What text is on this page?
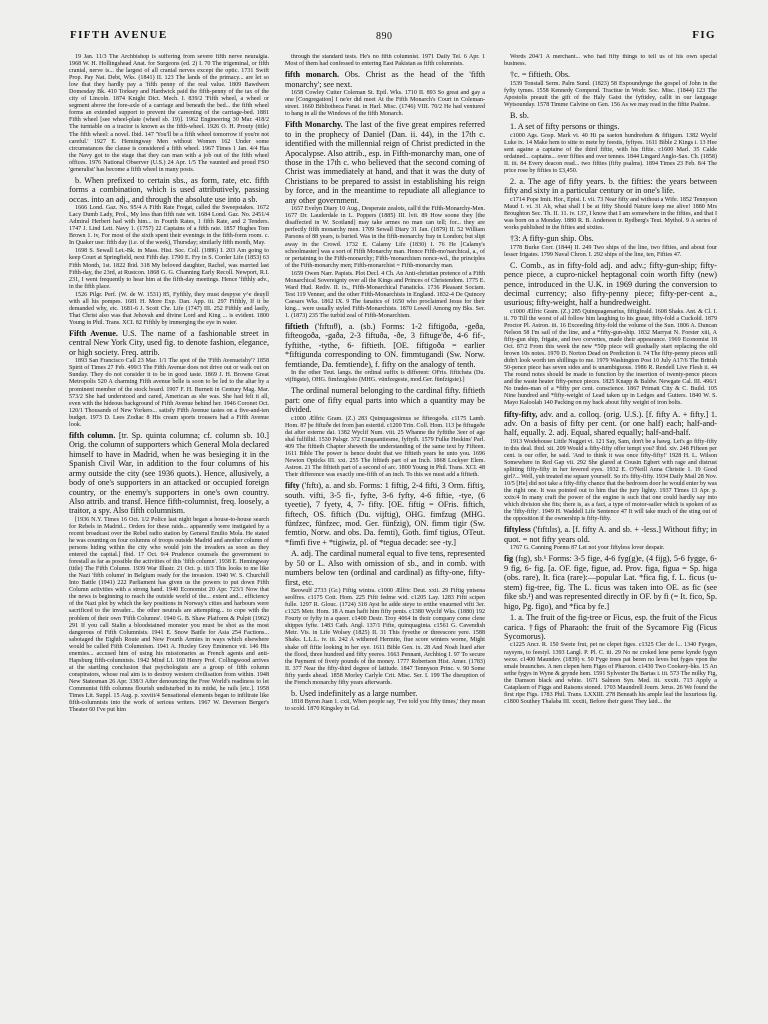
FIFTH AVENUE	890	FIG

19 Jan. 11/3 The Archbishop is suffering from severe fifth nerve neuralgia. 1968 W. H. Hollingshead Anat. for Surgeons (ed. 2) I. 70 The trigeminal, or fifth cranial, nerve is... the largest of all cranial nerves except the optic. 1731 Swift Prop. Pay Nat. Debt, Wks. (1841) II. 123 The lands of the primacy... are let so low that they hardly pay a 'fifth penny of the real value. 1809 Bawdwen Domesday Bk. 410 Torksey and Hardwick paid the fifth-penny of the tax of the city of Lincoln. 1874 Knight Dict. Mech. I. 839/2 'Fifth wheel, a wheel or segment above the fore-axle of a carriage and beneath the bed... the fifth wheel forms an extended support to prevent the careening of the carriage-bed. 1881 Fifth wheel [see wheel-plate (wheel sb. 19)]. 1962 Engineering 30 Mar. 418/2 The turntable on a tractor is known as the fifth-wheel. 1926 O. H. Prouty (title) The fifth wheel: a novel. Ibid. 147 'You'll be a fifth wheel tomorrow if you're not careful.' 1927 E. Hemingway Men without Women 162 Under some circumstances the clause is considered a fifth wheel. 1967 Times 1 Jan. 4/4 Has the Navy got to the stage that they can man with a job out of the fifth wheel offices. 1976 National Observer (U.S.) 24 Apr. 1/5 The vaunted and proud FSO 'generalist' has become a fifth wheel in many posts.

b. When prefixed to certain sbs., as form, rate, etc. fifth forms a combination, which is used attributively, passing occas. into an adj., and through the absolute use into a sb.

1666 Lond. Gaz. No. 95/4 A Fifth Rate Fregat, called the Sweepstakes. 1672 Lacy Dumb Lady, Prol., My less than fifth rate wit. 1684 Lond. Gaz. No. 2451/4 Admiral Herbert had with him... in Fourth Rates, 1 fifth Rate, and 2 Tenders. 1747 J. Lind Lett. Navy 1. (1757) 22 Captains of a fifth rate. 1857 Hughes Tom Brown 1. iv, For most of the sixth spent their evenings in the fifth-form room. c. In Quaker use: fifth day (i.e. of the week), Thursday; similarly fifth month, May.

1698 S. Sewall Let.-Bk. in Mass. Hist. Soc. Coll. (1886) I. 203 Am going to keep Court at Springfield, next Fifth day. 1790 E. Fry in S. Corder Life (1853) 63 Fifth Month, 1st. 1822 Ibid. 318 My beloved daughter, Rachel, was married last Fifth-day, the 23rd, at Rustcon. 1868 G. G. Channing Early Recoll. Newport, R.I. 231, I went frequently to hear him at the fifth-day meetings. Hence 'fifthly adv., in the fifth place.

1526 Pilgr. Perf. (W. de W. 1531) 85, Fyfthly, they must despyse y^e deuyll with all his pompes. 1681 H. More Exp. Dan. App. iii. 297 Fifthly, If it be demanded why, etc. 1681-6 J. Scott Chr. Life (1747) III. 252 Fifthly and lastly, That Christ also was that Jehovah and divine Lord and King ... is evident. 1800 Young in Phil. Trans. XCI. 82 Fifthly by immerging the eye in water.

Fifth Avenue. U.S. The name of a fashionable street in central New York City, used fig. to denote fashion, elegance, or high society. Freq. attrib.

1893 San Francisco Call 23 Mar. 1/1 The spot of the 'Fifth Avenueishy'? 1858 Spirit of Times 27 Feb. 499/3 The Fifth Avenue does not drive out or walk out on Sunday. They do not consider it to be in good taste. 1869 J. H. Browne Great Metropolis 520 A charming Fifth avenue belle is soon to be led to the altar by a prominent member of the stock board. 1907 F. H. Burnett in Century Mag. Mar. 573/2 She had understood and cared, American as she was. She had felt it all, even with the hideous background of Fifth Avenue behind her. 1946 Coronet Oct. 120/1 Thousands of New Yorkers... satisfy Fifth Avenue tastes on a five-and-ten budget. 1973 D. Lees Zodiac 8 His cream sports trousers had a Fifth Avenue look.

fifth column. [tr. Sp. quinta columna; cf. column sb. 10.] Orig. the column of supporters which General Mola declared himself to have in Madrid, when he was besieging it in the Spanish Civil War, in addition to the four columns of his army outside the city (see 1936 quots.). Hence, allusively, a body of one's supporters in an attacked or occupied foreign country, or the enemy's supporters in one's own country. Also attrib. and transf. Hence fifth-columnist, freq. loosely, a traitor, a spy. Also fifth columnism.

[1936 N.Y. Times 16 Oct. 1/2 Police last night began a house-to-house search for Rebels in Madrid... Orders for these raids... apparently were instigated by a recent broadcast over the Rebel radio station by General Emilio Mola. He stated he was counting on four columns of troops outside Madrid and another column of persons hiding within the city who would join the invaders as soon as they entered the capital.] Ibid. 17 Oct. 9/4 Prudence counsels the government to forestall as far as possible the activities of this 'fifth column'. 1938 E. Hemingway (title) The Fifth Column. 1939 War Illustr. 21 Oct. p. iii/3 This looks to me like the Nazi 'fifth column' in Belgium ready for the invasion. 1940 W. S. Churchill Into Battle (1941) 222 Parliament has given us the powers to put down Fifth Column activities with a strong hand. 1940 Economist 20 Apr. 723/1 Now that the news is beginning to reach the outside world of the... extent and... efficiency of the Nazi plot by which the key positions in Norway's cities and harbours were sacrificed to the invader... the other neutrals are attempting... to cope with the problem of their own 'Fifth Columns'. 1940 G. B. Shaw Platform & Pulpit (1962) 291 If you call Stalin a bloodstained monster you must be shot as the most dangerous of Fifth Columnists. 1941 E. Snow Battle for Asia 254 Factions... sabotaged the Eighth Route and New Fourth Armies in ways which elsewhere would be called Fifth Columnism. 1941 A. Huxley Grey Eminence vii. 146 His enemies... accused him of using his missionaries as French agents and anti-Hapsburg fifth-columnists. 1942 Mind LI. 160 Henry Prof. Collingwood arrives at the startling conclusion that psychologists are a group of fifth column conspirators, whose real aim is to destroy western civilisation from within. 1948 New Statesman 26 Apr. 338/3 After denouncing the Free World's readiness to let Communist fifth columns flourish undisturbed in its midst, he rails [etc.]. 1958 Times Lit. Suppl. 15 Aug. p. xxviii/4 Sensational elements began to infiltrate like fifth-columnists into the work of serious writers. 1967 W. Deverson Berger's Theater 60 I've put him

through the standard tests. He's no fifth columnist. 1971 Daily Tel. 6 Apr. 1 Most of them had confessed to entering East Pakistan as fifth columnists.

fifth monarch. Obs. Christ as the head of the 'fifth monarchy'; see next.

1658 Cowley Cutter Coleman St. Epil. Wks. 1710 II. 893 So great and gay a one [Congregation] I ne'er did meet At the Fifth Monarch's Court in Coleman-street. 1660 Bibliotheca Fanat. in Harl. Misc. (1746) VIII. 70/2 He had ventured to hang in all the Windows of the fifth Monarch.

Fifth Monarchy. The last of the five great empires referred to in the prophecy of Daniel (Dan. ii. 44), in the 17th c. identified with the millennial reign of Christ predicted in the Apocalypse. Also attrib., esp. in Fifth-monarchy man, one of those in the 17th c. who believed that the second coming of Christ was immediately at hand, and that it was the duty of Christians to be prepared to assist in establishing his reign by force, and in the meantime to repudiate all allegiance to any other government.

1657 Evelyn Diary 10 Aug., Desperate zealots, call'd the Fifth-Monarchy-Men. 1677 Dr. Lauderdale in L. Poppers (1885) III. lvii. 89 How soone they [the disaffected in W. Scotland] may take armes no man can tell; for... they are perfectly fifth monarchy men. 1709 Sewall Diary 31 Jan. (1879) II. 52 William Parsons of 88 years, is buried. Was in the fifth-monarchy fray in London; but slipt away in the Crowd. 1732 E. Calamy Life (1830) I. 76 He [Calamy's schoolmaster] was a sort of Fifth Monarchy man. Hence Fifth-mo'narchical, a., of or pertaining to the Fifth-monarchy; Fifth-'monarchism nonce-wd., the principles of the Fifth-monarchy men; Fifth-monarchist = Fifth-monarchy man.

1659 Owen Narr. Papists. Plot Decl. 4 Ch. An Anti-christian pretence of a Fifth Monarchical Sovereignty over all the Kings and Princes of Christendom. 1775 E. Ward Hud. Rediv. II. ix., Fifth-Monarchical Fanaticks. 1736 Pleasant Sociam. Test 119 Venner, and the other Fifth-Monarchists in England. 1832-4 De Quincey Caesars Wks. 1862 IX. 9 The fanatics of 1650 who proclaimed Jesus for their king... were usually styled Fifth-Monarchists. 1870 Lowell Among my Bks. Ser. 1. (1873) 235 The turbid zeal of Fifth-Monarchism.

fiftieth ('fɪftɪɪθ), a. (sb.) Forms: 1-2 fiftigoða, -geða, fifteogoða, -gaða, 2-3 fiftuða, -ðe, 3 fiftuge'ðe, 4-6 fif-, fyftithe, -tythe, 6- fiftieth. [OE. fiftigoða = earlier *fiftigunda corresponding to ON. fimmtugandi (Sw. Norw. femtiande, Da. femtiende), f. fifty on the analogy of tenth.

In the other Teut. langs. the ordinal suffix is different: OFris. fiftichsta (Du. vijftigste), OHG. fimfzugôsto (MHG. vünfzegeste, mod.Ger. fünfzigste).]

The ordinal numeral belonging to the cardinal fifty. fiftieth part: one of fifty equal parts into which a quantity may be divided.

c1000 Ælfric Gram. (Z.) 283 Quinquagesimus se fifteogoða. c1175 Lamb. Hom. 87 þe fiftuðe dei from þan estertid. c1200 Trin. Coll. Hom. 113 þe fiftugeðe dai after esterne dai. 1382 Wyclif Num. viii. 25 Whanne the fyftithe 3eer of age shal fulfillid. 1530 Palsgr. 372 Cinquantiesme, fyftyth. 1579 Fulke Heskins' Parl. 409 The fiftieth Chapter sheweth the understanding of the same text by Fifteen. 1611 Bible The power is hence doubt that we fiftieth years he unto you. 1696 Newton Opticks III. xxi. 255 The fiftieth part of an Inch. 1868 Lockyer Elem. Astron. 21 The fiftieth part of a second of arc. 1800 Young in Phil. Trans. XCI. 48 Their difference was exactly one-fifth of an inch. To this we must add a fiftieth.

fifty ('fɪftɪ), a. and sb. Forms: 1 fiftig, 2-4 fifti, 3 Orm. fiftiȝ, south. vifti, 3-5 fi-, fyfte, 3-6 fyfty, 4-6 fiftie, -tye, (6 tyeetie), 7 fyety, 4, 7- fifty. [OE. fiftig = OFris. fiftich, fiftech, OS. fiftich (Du. vijftig), OHG. fimfzug (MHG. fünfzec, fünfzec, mod. Ger. fünfzig), ON. fimm tigir (Sw. femtio, Norw. and obs. Da. femti), Goth. fimf tigius, OTeut. *fimfi five + *tigiwiz, pl. of *tegua decade: see -ty.]

A. adj. The cardinal numeral equal to five tens, represented by 50 or L. Also with omission of sb., and in comb. with numbers below ten (ordinal and cardinal) as fifty-one, fifty-first, etc.

Beowulf 2733 (Gr.) Fiftig wintra. c1000 Ælfric Deut. xxii. 29 Fiftig yntsena seolfres. c1175 Cott. Hom. 225 Fifti fedme wid. c1205 Lay. 1283 Fifti scipen fulle. 1297 R. Glouc. (1724) 318 Ayst he adde steye to ertthe vnaurned vifti 3er. c1325 Metr. Hom. 18 A man hafit him fifty penis. c1380 Wyclif Wks. (1880) 192 Fourty or fyfty in a queer. c1400 Destr. Troy 4064 In thoir company come clene shippes fyfte. 1483 Cath. Angl. 137/1 Fifte, quinquaginta. c1561 G. Cavendish Metr. Vis. in Life Wolsey (1825) II. 31 This fyvethe or threescore yere. 1588 Shaks. L.L.L. iv. iii. 242 A withered Hermite, fiue score winters worne, Might shake off fiftie looking in her eye. 1611 Bible Gen. ix. 28 And Noah liued after the flood, three hundred and fifty yeeres. 1663 Pennant, Archbiog I. 97 To secure the Payment of fivety pounds of the money. 1777 Robertson Hist. Amer. (1783) II. 377 Near the fifty-third degree of latitude. 1847 Tennyson Princ. v. 90 Some fifty yards ahead. 1858 Morley Carlyle Crit. Misc. Ser. I. 199 The disruption of the French monarchy fifty years afterwards.

b. Used indefinitely as a large number.

1818 Byron Juan 1. cxii, When people say, 'I've told you fifty times,' they mean to scold. 1870 Kingsley in Gd.

Words 204/1 A merchant... who had fifty things to tell us of his own special business.

†c. = fiftieth. Obs.

1539 Tonstall Serm. Palm Sund. (1823) 58 Expoundynge the gospel of John in the fyfty tymes. 1558 Kennedy Compend. Tractiue in Wodr. Soc. Misc. (1844) 123 The Apostolis preauit the gift of the Haly Gaist the fyftidey, callit in our language Wytsounday. 1578 Timme Calvine on Gen. 156 As we may read in the fiftie Psalme.

B. sb.

1. A set of fifty persons or things.

c1000 Ags. Gosp. Mark vi. 40 Hi pa saeton hundredum & fiftigum. 1382 Wyclif Luke ix. 14 Make hem to sitte to mete by feestis, fyftyes. 1611 Bible 2 Kings i. 13 Hee sent againe a captaine of the third fiftie, with his fiftie. c1600 Marl. 35 Calde ordained... captains... over fifties and over tennes. 1844 Lingard Anglo-Sax. Ch. (1858) II. iii. 84 Every deacon read... two fifties (fifty psalms). 1894 Times 23 Feb. 8/4 The price rose by fifties to £3,450.

2. a. The age of fifty years. b. the fifties: the years between fifty and sixty in a particular century or in one's life.

c1714 Pope Imit. Hor., Epist. I. vii. 73 Near fifty and without a Wife. 1852 Tennyson Maud I. vi. 31 Ah, what shall I be at fifty Should Nature keep me alive! 1880 Mrs Broughton Sec. Th. II. 11. iv. 137, I know that I am somewhere in the fifties, and that I was born on a Monday. 1880 R. B. Anderson tr. Rydberg's Teut. Mythol. 9 A series of works published in the fifties and sixties.

†3: A fifty-gun ship. Obs.

1778 Burke Corr. (1844) II. 249 Two ships of the line, two fifties, and about four lesser frigates. 1799 Naval Chron. I. 292 ships of the line, ten, Fifties 47.

C. Comb., as in fifty-fold adj. and adv.; fifty-gun-ship; fifty-pence piece, a cupro-nickel heptagonal coin worth fifty (new) pence, introduced in the U.K. in 1969 during the conversion to decimal currency; also fifty-penny piece; fifty-per-cent a., usurious; fifty-weight, half a hundredweight.

c1000 Ælfric Gram. (Z.) 285 Quinquagenarius, fiftigfeald. 1608 Shaks. Ant. & Cl. I. ii. 70 Till the worst of all follow him laughing to his graue, fifty-fold a Cuckold. 1879 Proctor Pl. Astron. iii. 16 Exceeding fifty-fold the volume of the Sun. 1806 A. Duncan Nelson 58 I'm sail of the line, and a *fifty-gun-ship. 1832 Marryat N. Forster xiii, A fifty-gun ship, frigate, and two corvettes, made their appearance. 1969 Economist 18 Oct. 87/2 From this week the new *50p piece will gradually start replacing the old brown 10s notes. 1970 D. Norton Dead on Prediction ii. 74 The fifty-penny pieces still didn't look worth ten shillings to me. 1979 Washington Post 10 July A17/6 The British 50-pence piece has seven sides and is unambiguous. 1986 R. Rendell Live Flesh ii. 44 The round notes should be made to function by the insertion of twenty-pence pieces and the waste heater fifty-pence pieces. 1825 Knapp & Baldw. Newgate Cal. III. 496/1 No trades-man of a *fifty per cent. conscience. 1867 Primatt City & C. Build. 105 Nine hundred and *fifty-weight of Lead taken up in Ledges and Gutters. 1840 W. S. Mayo Kaloolah 140 Packing on my back about fifty weight of iron bolts.

fifty-fifty, adv. and a. colloq. (orig. U.S.). [f. fifty A. + fifty.] 1. adv. On a basis of fifty per cent. (or one half) each; half-and-half, equally. 2. adj. Equal, shared equally; half-and-half.

1913 Wodehouse Little Nugget vi. 121 Say, Sam, don't be a hawg. Let's go fifty-fifty in this deal. Ibid. xii. 209 Would a fifty-fifty offer tempt you? Ibid. xiv. 248 Fifteen per cent. is our offer, he said. 'And to think it was once fifty-fifty!' 1928 H. L. Wilson Somewhere in Red Gap vii. 292 She glared at Cousin Egbert with rage and distrust splitting fifty-fifty in her fevered eyes. 1932 E. O'Neill Anna Christie 1. 19 Good girl?... Well, yuh treated me square yourself. So it's fifty-fifty. 1934 Daily Mail 28 Nov. 10/5 [He] did not take a fifty-fifty chance that the bedroom door he would enter by was the right one. It was pointed out to him that the jury lighty. 1937 Times 13 Apr. p. xxix/4 In many craft the power of the engine is such that one could hardly say into which division she fits; there is, as a fact, a type of motor-sailer which is spoken of as the 'fifty-fifty'. 1949 H. Waddell Life Sentence 47 It will take much of the sting out of the opposition if the ownership is fifty-fifty.

fiftyless ('fɪftɪlɪs), a. [f. fifty A. and sb. + -less.] Without fifty; in quot. = not fifty years old.

1767 G. Canning Poems 87 Let not your fiftyless lover despair.

fig (fɪg), sb.¹ Forms: 3-5 fige, 4-6 fyg(g)e, (4 fijg), 5-6 fygge, 6-9 fig, 6- fig. [a. OF. fige, figue, ad. Prov. figa, figua = Sp. higa (obs. rare), It. fica (rare):—popular Lat. *fica fig, f. L. ficus (u-stem) fig-tree, fig. The L. ficus was taken into OE. as fic (see fike sb.¹) and was represented directly in OF. by fi (= It. fico, Sp. higo, Pg. figo), and *fica by fe.]

1. a. The fruit of the fig-tree or Ficus, esp. the fruit of the Ficus carica. †figs of Pharaoh: the fruit of the Sycamore Fig (Ficus Sycomorus).

c1225 Ancr. R. 150 Swete frut, pet ne clepet figes. c1325 Cler de l... 1340 Fyeges, raysyns, to feestyl. 1393 Langl. P. Pl. C. iii. 29 No ne croked lene perne kynde fygyn wexe. c1400 Maundev. (1839) v. 50 Fyge trees pat beren no leves but fyges vpon the smale braunches. A nen clepen hem Figes of Pharoon. c1430 Two Cookery-bks. 15 An sethe fygys in Wyne & grynde hem. 1591 Sylvester Du Bartas i. iii. 573 The milky Fig, the Damson black and white. 1671 Salmon Syn. Med. iii. xxxiii. 713 Apply a Cataplasm of Figgs and Raisons stoned. 1703 Maundrell Journ. Jerus. 26 We found the first ripe Figs. 1783 Phil. Trans. LXXIII. 278 Beneath his ample leaf the luxurious fig. c1800 Southey Thalaba III. xxxiii, Before their guest They laid... the
